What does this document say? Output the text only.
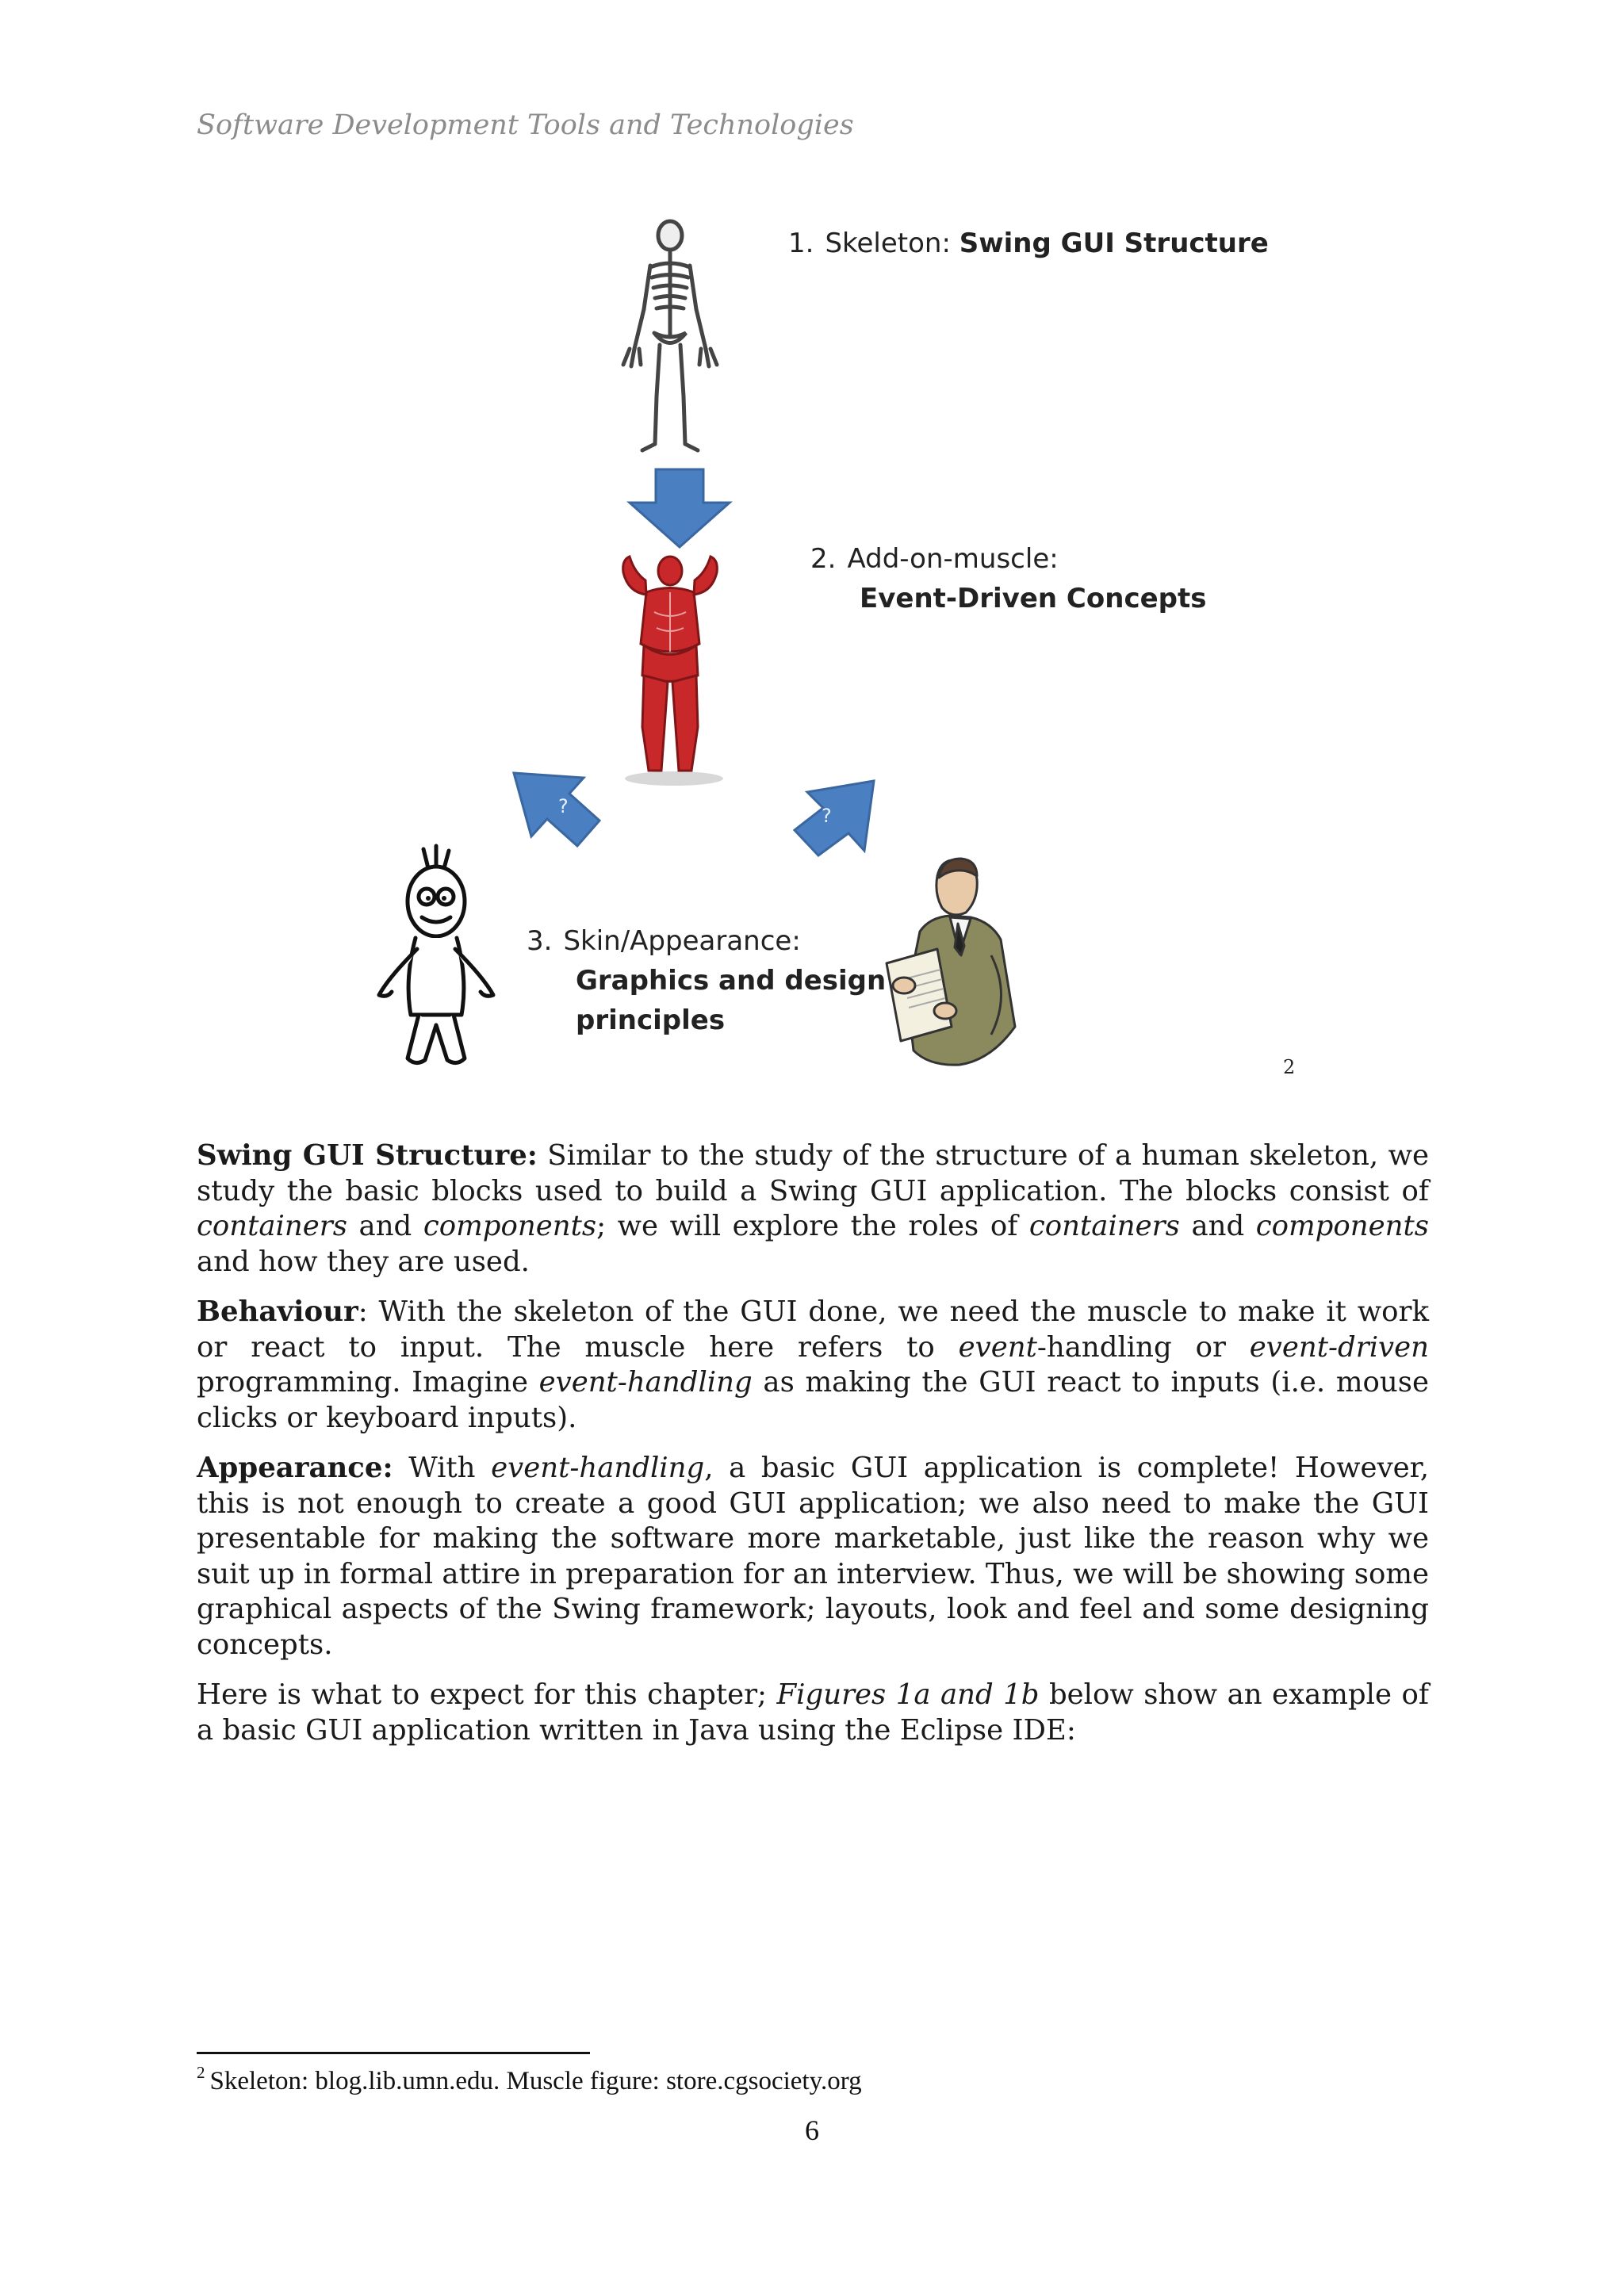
Software Development Tools and Technologies
?	?
1. Skeleton: Swing GUI Structure
2. Add-on-muscle:
Event-Driven Concepts
3. Skin/Appearance:
Graphics and design
principles
2

Swing GUI Structure: Similar to the study of the structure of a human skeleton, we study the basic blocks used to build a Swing GUI application. The blocks consist of containers and components; we will explore the roles of containers and components and how they are used.

Behaviour: With the skeleton of the GUI done, we need the muscle to make it work or react to input. The muscle here refers to event-handling or event-driven programming. Imagine event-handling as making the GUI react to inputs (i.e. mouse clicks or keyboard inputs).

Appearance: With event-handling, a basic GUI application is complete! However, this is not enough to create a good GUI application; we also need to make the GUI presentable for making the software more marketable, just like the reason why we suit up in formal attire in preparation for an interview. Thus, we will be showing some graphical aspects of the Swing framework; layouts, look and feel and some designing concepts.

Here is what to expect for this chapter; Figures 1a and 1b below show an example of a basic GUI application written in Java using the Eclipse IDE:

$^2$ Skeleton: blog.lib.umn.edu. Muscle figure: store.cgsociety.org
6
